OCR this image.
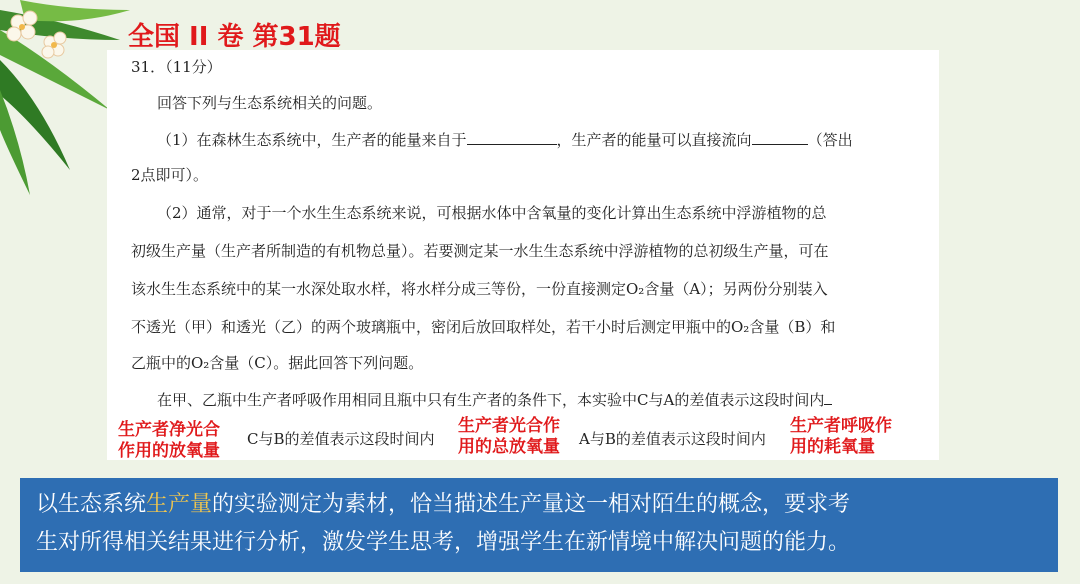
全国 II 卷 第31题

31．（11分）

回答下列与生态系统相关的问题。

（1）在森林生态系统中，生产者的能量来自于	，生产者的能量可以直接流向	（答出

2点即可）。

（2）通常，对于一个水生生态系统来说，可根据水体中含氧量的变化计算出生态系统中浮游植物的总

初级生产量（生产者所制造的有机物总量）。若要测定某一水生生态系统中浮游植物的总初级生产量，可在

该水生生态系统中的某一水深处取水样，将水样分成三等份，一份直接测定O₂含量（A）；另两份分别装入

不透光（甲）和透光（乙）的两个玻璃瓶中，密闭后放回取样处，若干小时后测定甲瓶中的O₂含量（B）和

乙瓶中的O₂含量（C）。据此回答下列问题。

在甲、乙瓶中生产者呼吸作用相同且瓶中只有生产者的条件下，本实验中C与A的差值表示这段时间内

C与B的差值表示这段时间内	A与B的差值表示这段时间内

生产者净光合
作用的放氧量
生产者光合作
用的总放氧量
生产者呼吸作
用的耗氧量

以生态系统生产量的实验测定为素材，恰当描述生产量这一相对陌生的概念，要求考

生对所得相关结果进行分析，激发学生思考，增强学生在新情境中解决问题的能力。
